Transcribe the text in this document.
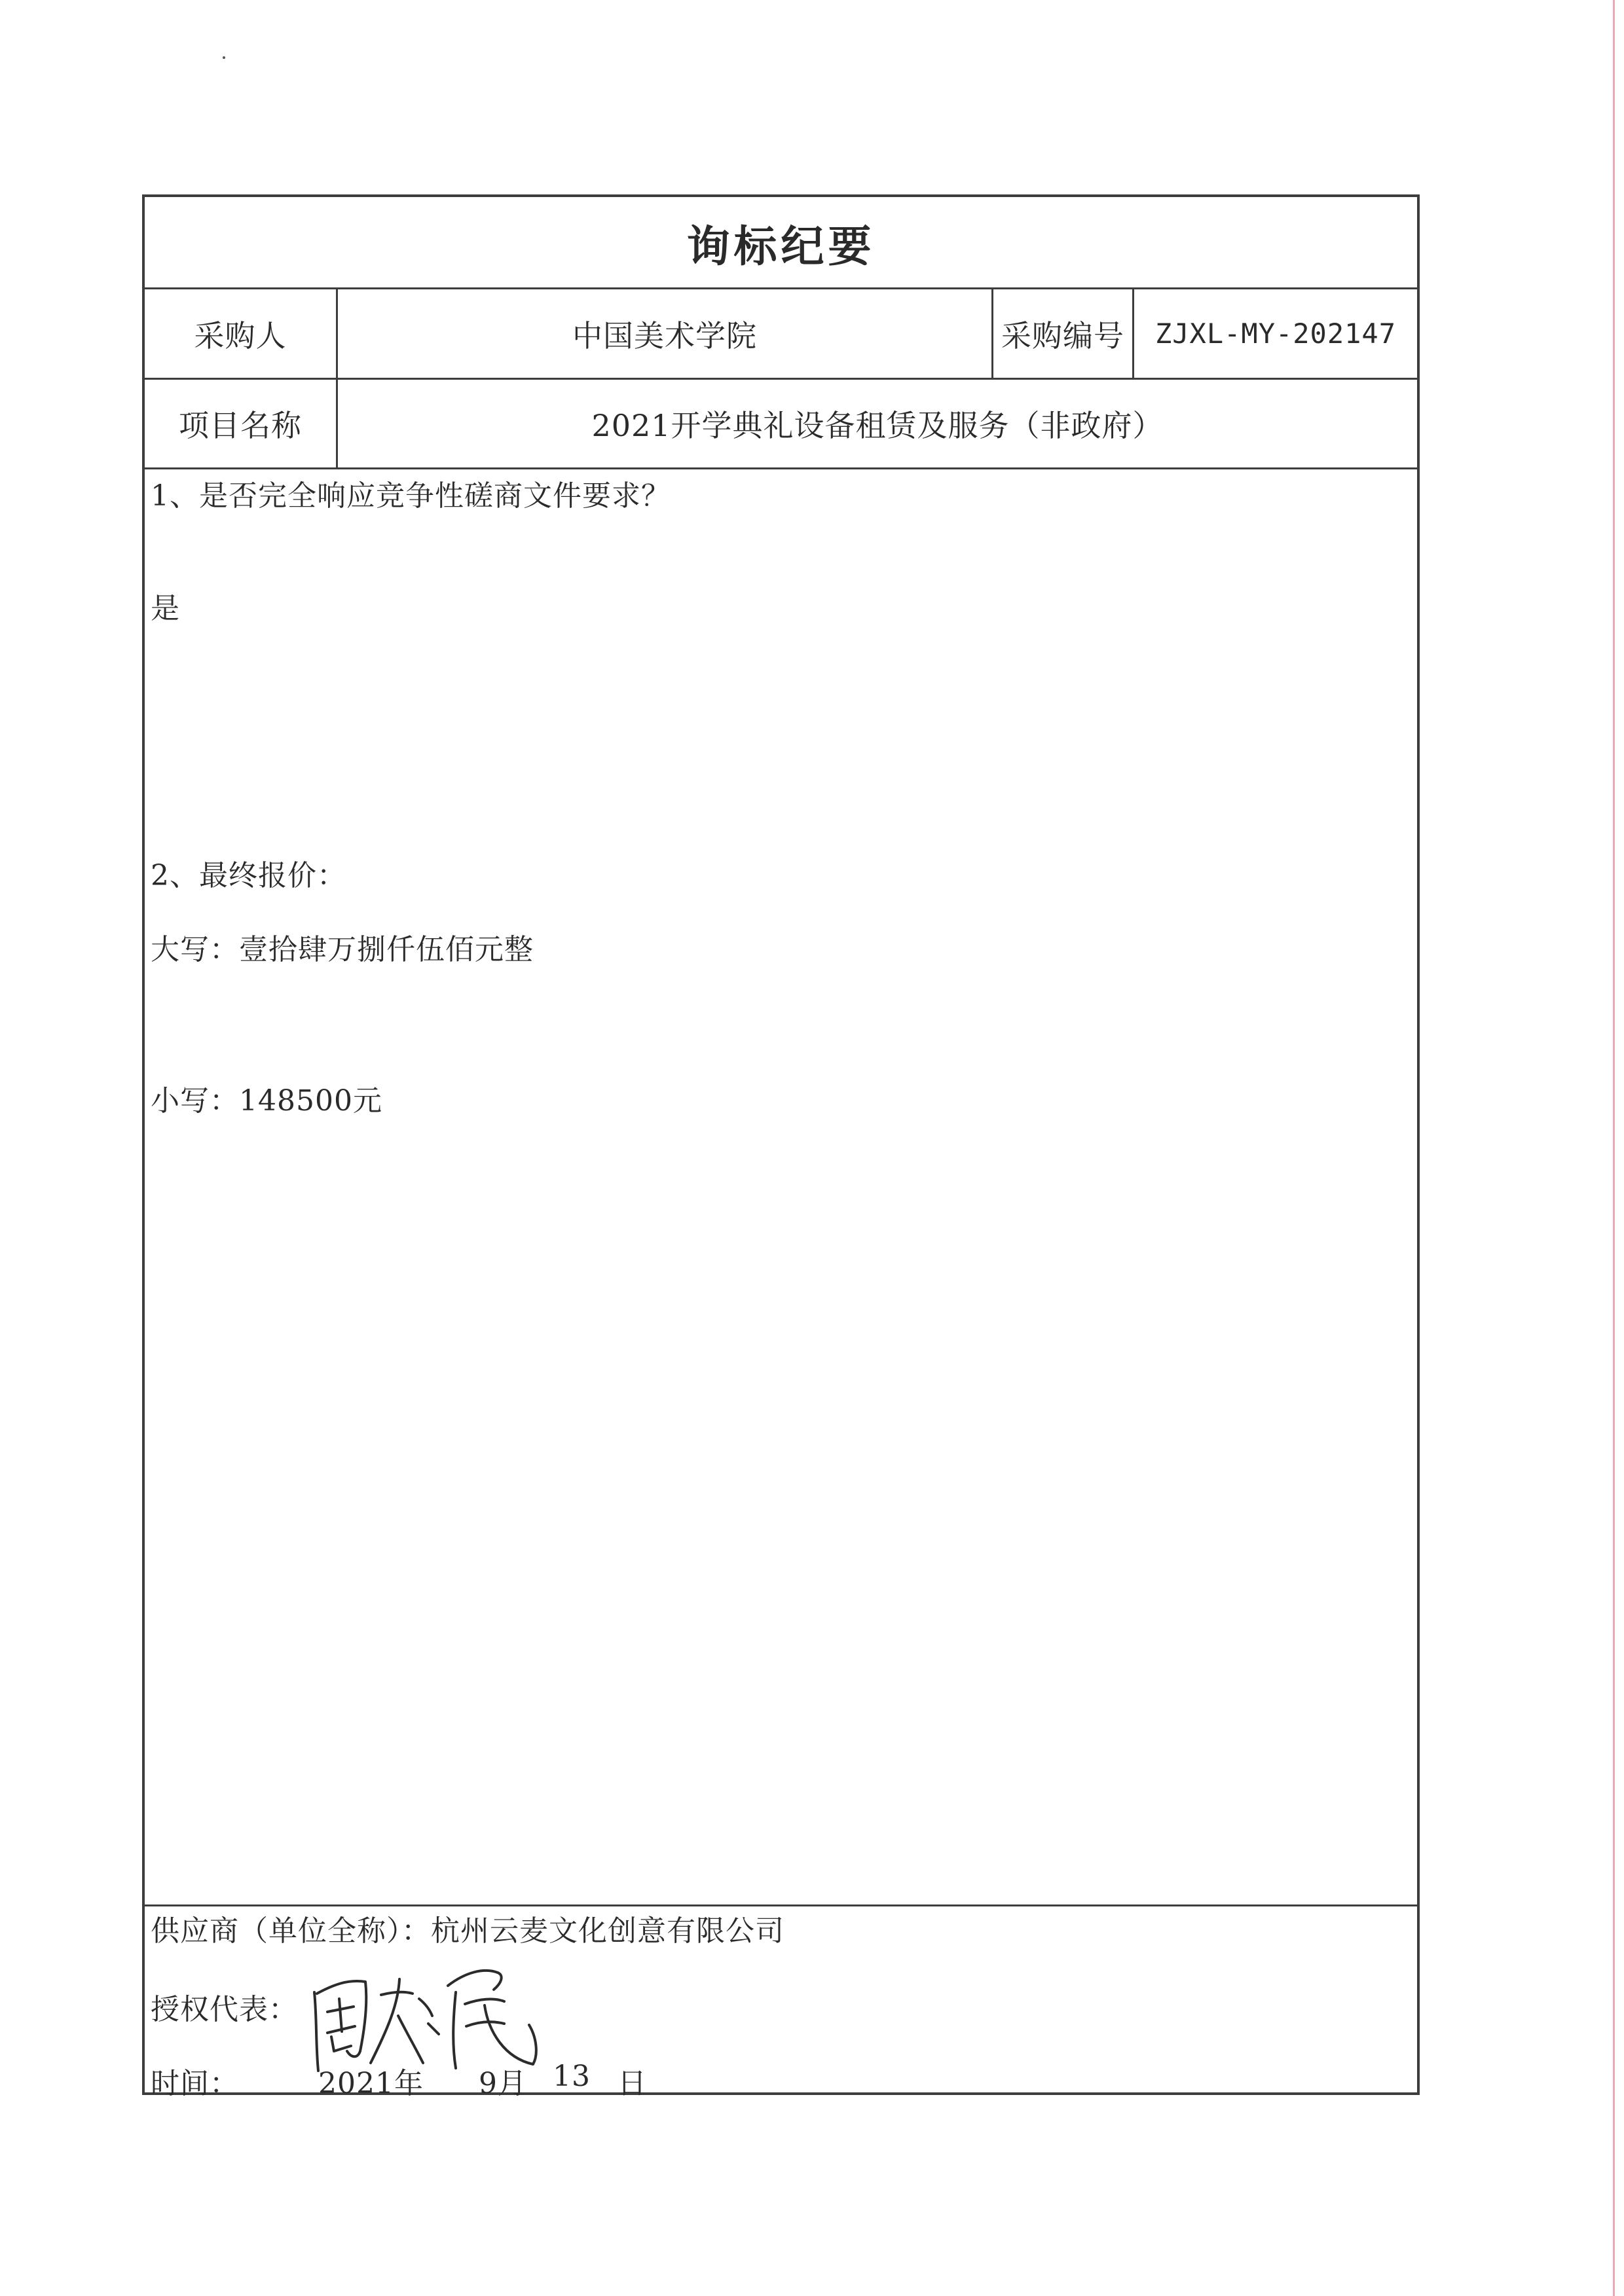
询标纪要
采购人	中国美术学院	采购编号	ZJXL-MY-202147
项目名称	2021开学典礼设备租赁及服务（非政府）
1、是否完全响应竞争性磋商文件要求？
是
2、最终报价：
大写：壹拾肆万捌仟伍佰元整
小写：148500元
供应商（单位全称）：杭州云麦文化创意有限公司
授权代表：
时间：	2021年 9月 13 日
